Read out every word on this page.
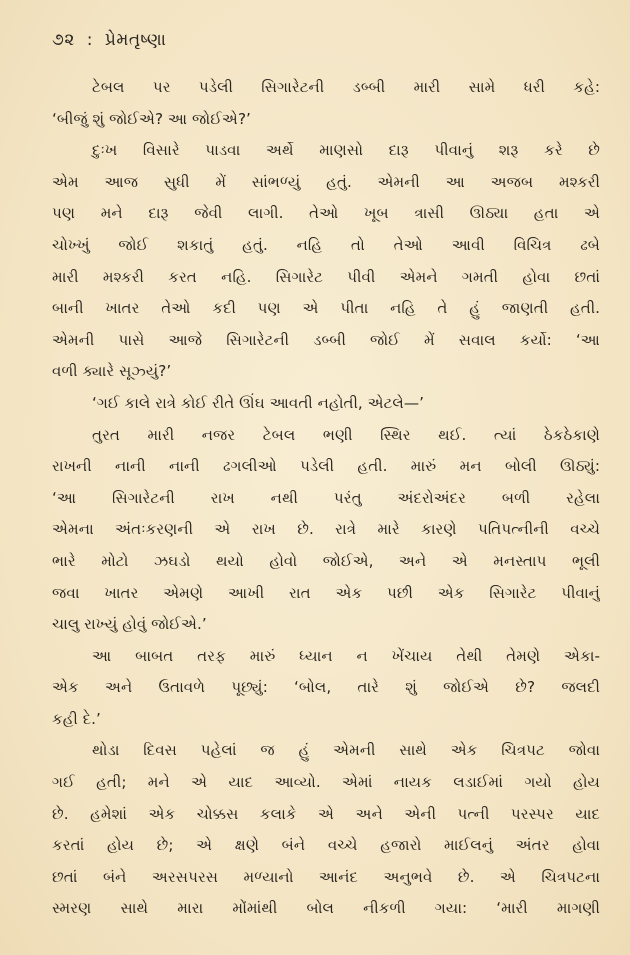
૭૨ : પ્રેમતૃષ્ણા
ટેબલ પર પડેલી સિગારેટની ડબ્બી મારી સામે ધરી કહે:
‘બીજું શું જોઈએ? આ જોઈએ?’
દુઃખ વિસારે પાડવા અર્થે માણસો દારૂ પીવાનું શરૂ કરે છે
એમ આજ સુધી મેં સાંભળ્યું હતું. એમની આ અજબ મશ્કરી
પણ મને દારૂ જેવી લાગી. તેઓ ખૂબ ત્રાસી ઊઠ્યા હતા એ
ચોખ્ખું જોઈ શકાતું હતું. નહિ તો તેઓ આવી વિચિત્ર ઢબે
મારી મશ્કરી કરત નહિ. સિગારેટ પીવી એમને ગમતી હોવા છતાં
બાની ખાતર તેઓ કદી પણ એ પીતા નહિ તે હું જાણતી હતી.
એમની પાસે આજે સિગારેટની ડબ્બી જોઈ મેં સવાલ કર્યો: ‘આ
વળી ક્યારે સૂઝ્યું?’
‘ગઈ કાલે રાત્રે કોઈ રીતે ઊંઘ આવતી નહોતી, એટલે—’
તુરત મારી નજર ટેબલ ભણી સ્થિર થઈ. ત્યાં ઠેકઠેકાણે
રાખની નાની નાની ઢગલીઓ પડેલી હતી. મારું મન બોલી ઊઠ્યું:
‘આ સિગારેટની રાખ નથી પરંતુ અંદરોઅંદર બળી રહેલા
એમના અંતઃકરણની એ રાખ છે. રાત્રે મારે કારણે પતિપત્નીની વચ્ચે
ભારે મોટો ઝઘડો થયો હોવો જોઈએ, અને એ મનસ્તાપ ભૂલી
જવા ખાતર એમણે આખી રાત એક પછી એક સિગારેટ પીવાનું
ચાલુ રાખ્યું હોવું જોઈએ.’
આ બાબત તરફ મારું ધ્યાન ન ખેંચાય તેથી તેમણે એકા-
એક અને ઉતાવળે પૂછ્યું: ‘બોલ, તારે શું જોઈએ છે? જલદી
કહી દે.’
થોડા દિવસ પહેલાં જ હું એમની સાથે એક ચિત્રપટ જોવા
ગઈ હતી; મને એ યાદ આવ્યો. એમાં નાયક લડાઈમાં ગયો હોય
છે. હમેશાં એક ચોક્કસ કલાકે એ અને એની પત્ની પરસ્પર યાદ
કરતાં હોય છે; એ ક્ષણે બંને વચ્ચે હજારો માઈલનું અંતર હોવા
છતાં બંને અરસપરસ મળ્યાનો આનંદ અનુભવે છે. એ ચિત્રપટના
સ્મરણ સાથે મારા મોંમાંથી બોલ નીકળી ગયા: ‘મારી માગણી
